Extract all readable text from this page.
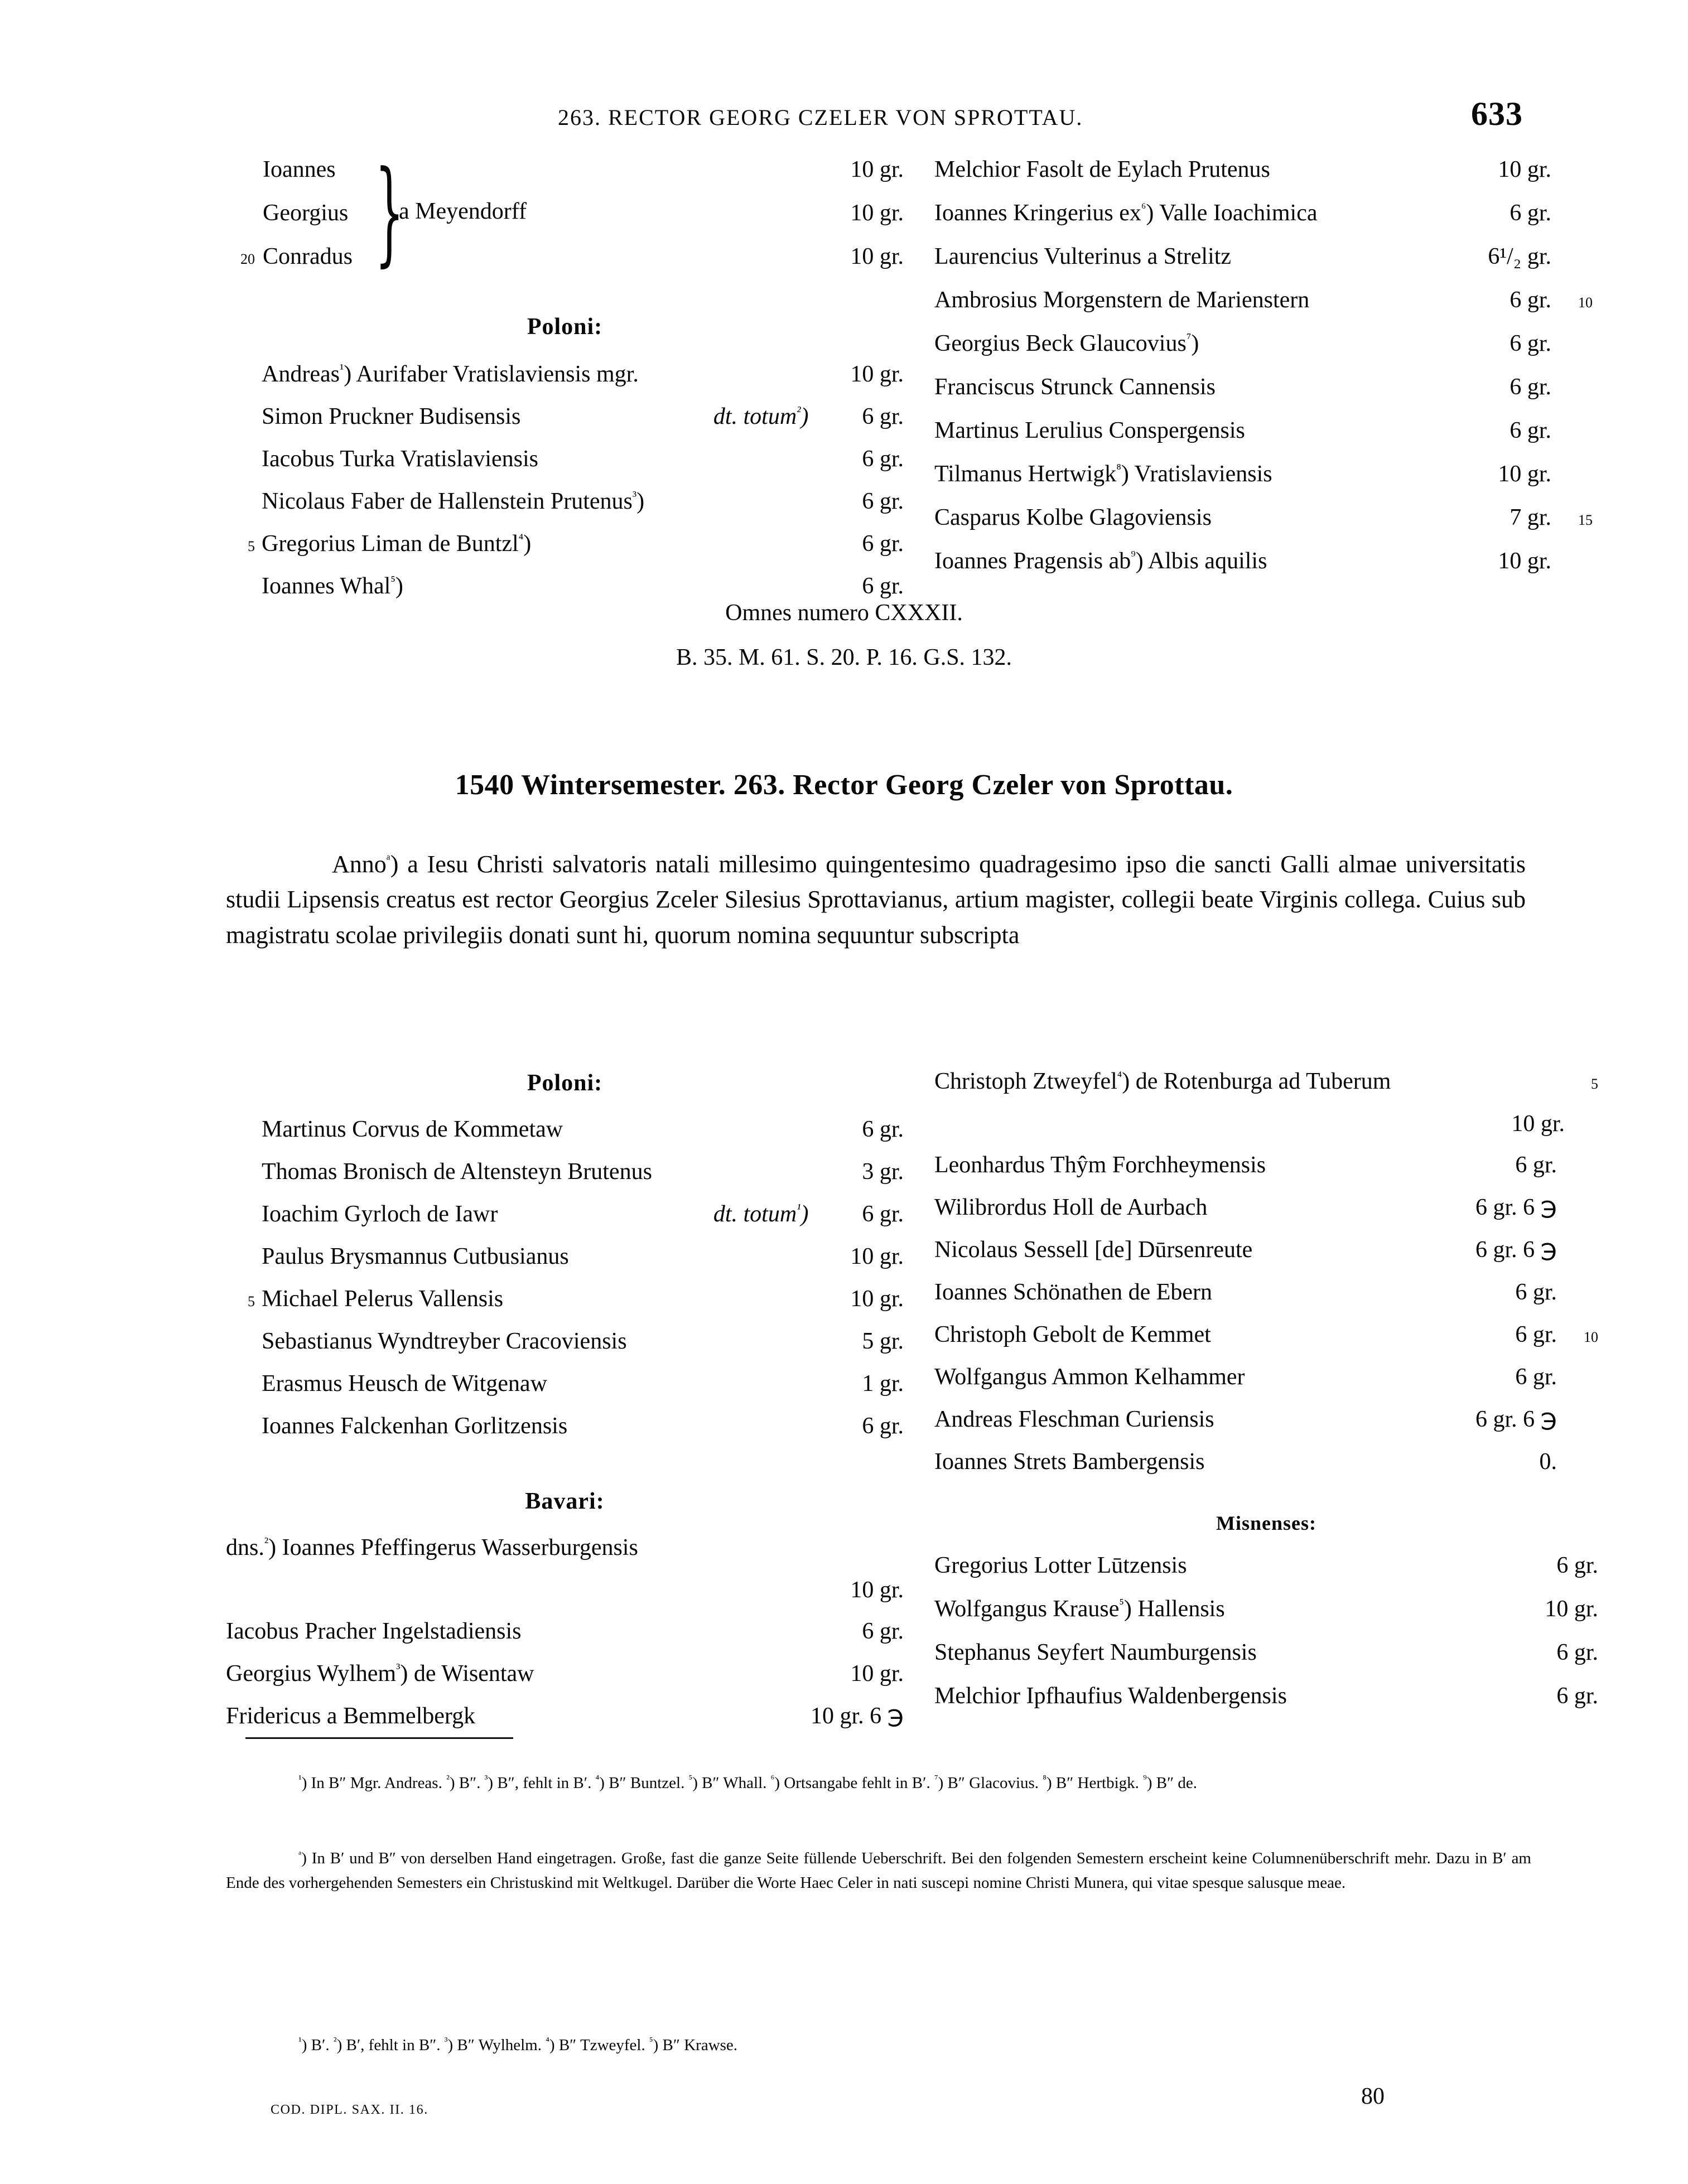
263. RECTOR GEORG CZELER VON SPROTTAU.	633
Ioannes	10 gr.
Georgius	10 gr.
20 Conradus	10 gr.
}
a Meyendorff
Poloni:
Andreas$^{^1}$) Aurifaber Vratislaviensis mgr.	10 gr.
Simon Pruckner Budisensis	dt. totum$^{^2}$)	6 gr.
Iacobus Turka Vratislaviensis	6 gr.
Nicolaus Faber de Hallenstein Prutenus$^{^3}$)	6 gr.
5 Gregorius Liman de Buntzl$^{^4}$)	6 gr.
Ioannes Whal$^{^5}$)	6 gr.
Melchior Fasolt de Eylach Prutenus	10 gr.
Ioannes Kringerius $ex^{^6}$) Valle Ioachimica	6 gr.
Laurencius Vulterinus a Strelitz	6¹/₂ gr.
Ambrosius Morgenstern de Marienstern	6 gr.	10
Georgius Beck Glaucovius$^{^7}$)	6 gr.
Franciscus Strunck Cannensis	6 gr.
Martinus Lerulius Conspergensis	6 gr.
Tilmanus Hertwigk$^{^8}$) Vratislaviensis	10 gr.
Casparus Kolbe Glagoviensis	7 gr.	15
Ioannes Pragensis $ab^{^9}$) Albis aquilis	10 gr.
Omnes numero CXXXII.
B. 35. M. 61. S. 20. P. 16. G.S. 132.
1540 Wintersemester. 263. Rector Georg Czeler von Sprottau.
Anno$^ᵃ$) a Iesu Christi salvatoris natali millesimo quingentesimo quadragesimo ipso die sancti Galli almae universitatis studii Lipsensis creatus est rector Georgius Zceler Silesius Sprottavianus, artium magister, collegii beate Virginis collega. Cuius sub magistratu scolae privilegiis donati sunt hi, quorum nomina sequuntur subscripta
Poloni:
Martinus Corvus de Kommetaw	6 gr.
Thomas Bronisch de Altensteyn Brutenus	3 gr.
Ioachim Gyrloch de Iawr	dt. totum$^{^1}$)	6 gr.
Paulus Brysmannus Cutbusianus	10 gr.
5 Michael Pelerus Vallensis	10 gr.
Sebastianus Wyndtreyber Cracoviensis	5 gr.
Erasmus Heusch de Witgenaw	1 gr.
Ioannes Falckenhan Gorlitzensis	6 gr.
Bavari:
dns.$^{^2}$) Ioannes Pfeffingerus Wasserburgensis
10 gr.
Iacobus Pracher Ingelstadiensis	6 gr.
Georgius Wylhem$^{^3}$) de Wisentaw	10 gr.
Fridericus a Bemmelbergk	10 gr. 6 ℈
Christoph Ztweyfel$^{^4}$) de Rotenburga ad Tuberum	5
10 gr.
Leonhardus Thŷm Forchheymensis	6 gr.
Wilibrordus Holl de Aurbach	6 gr. 6 ℈
Nicolaus Sessell [de] Dūrsenreute	6 gr. 6 ℈
Ioannes Schönathen de Ebern	6 gr.
Christoph Gebolt de Kemmet	6 gr.	10
Wolfgangus Ammon Kelhammer	6 gr.
Andreas Fleschman Curiensis	6 gr. 6 ℈
Ioannes Strets Bambergensis	0.
Misnenses:
Gregorius Lotter Lūtzensis	6 gr.
Wolfgangus Krause$^{^5}$) Hallensis	10 gr.
Stephanus Seyfert Naumburgensis	6 gr.
Melchior Ipfhaufius Waldenbergensis	6 gr.
$^{^1}$) In B″ Mgr. Andreas. $^{^2}$) B″. $^{^3}$) B″, fehlt in B′. $^{^4}$) B″ Buntzel. $^{^5}$) B″ Whall. $^{^6}$) Ortsangabe fehlt in B′. $^{^7}$) B″ Glacovius. $^{^8}$) B″ Hertbigk. $^{^9}$) B″ de.
$^ᵃ$) In B′ und B″ von derselben Hand eingetragen. Große, fast die ganze Seite füllende Ueberschrift. Bei den folgenden Semestern erscheint keine Columnenüberschrift mehr. Dazu in B′ am Ende des vorhergehenden Semesters ein Christuskind mit Weltkugel. Darüber die Worte Haec Celer in nati suscepi nomine Christi Munera, qui vitae spesque salusque meae.
$^{^1}$) B′. $^{^2}$) B′, fehlt in B″. $^{^3}$) B″ Wylhelm. $^{^4}$) B″ Tzweyfel. $^{^5}$) B″ Krawse.
COD. DIPL. SAX. II. 16.
80
